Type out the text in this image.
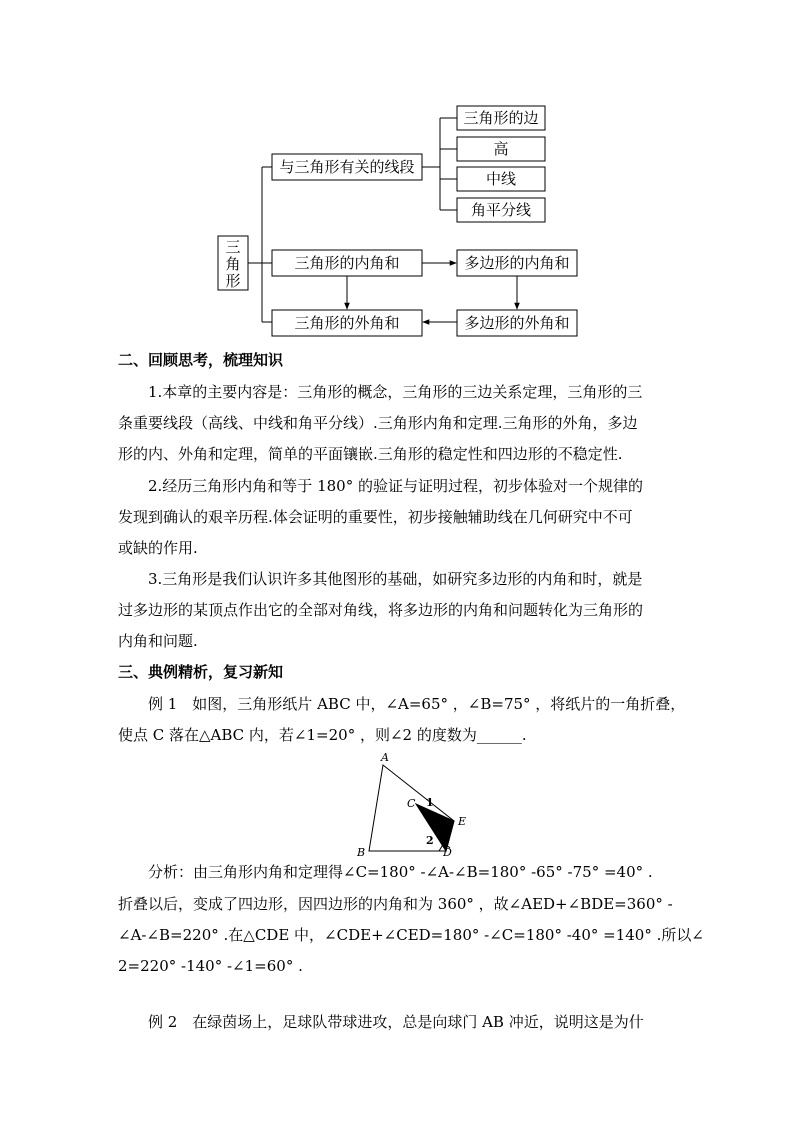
三
角
形
与三角形有关的线段
三角形的内角和
三角形的外角和
三角形的边
高
中线
角平分线
多边形的内角和
多边形的外角和
二、回顾思考，梳理知识
1.本章的主要内容是：三角形的概念，三角形的三边关系定理，三角形的三
条重要线段（高线、中线和角平分线）.三角形内角和定理.三角形的外角，多边
形的内、外角和定理，简单的平面镶嵌.三角形的稳定性和四边形的不稳定性.
2.经历三角形内角和等于 180° 的验证与证明过程，初步体验对一个规律的
发现到确认的艰辛历程.体会证明的重要性，初步接触辅助线在几何研究中不可
或缺的作用.
3.三角形是我们认识许多其他图形的基础，如研究多边形的内角和时，就是
过多边形的某顶点作出它的全部对角线，将多边形的内角和问题转化为三角形的
内角和问题.
三、典例精析，复习新知
例 1　如图，三角形纸片 ABC 中，∠A=65° ，∠B=75° ，将纸片的一角折叠，
使点 C 落在△ABC 内，若∠1=20° ，则∠2 的度数为______.
A
B
C
D
E
1
2
分析：由三角形内角和定理得∠C=180° -∠A-∠B=180° -65° -75° =40° .
折叠以后，变成了四边形，因四边形的内角和为 360° ，故∠AED+∠BDE=360° -
∠A-∠B=220° .在△CDE 中，∠CDE+∠CED=180° -∠C=180° -40° =140° .所以∠
2=220° -140° -∠1=60° .
例 2　在绿茵场上，足球队带球进攻，总是向球门 AB 冲近，说明这是为什
